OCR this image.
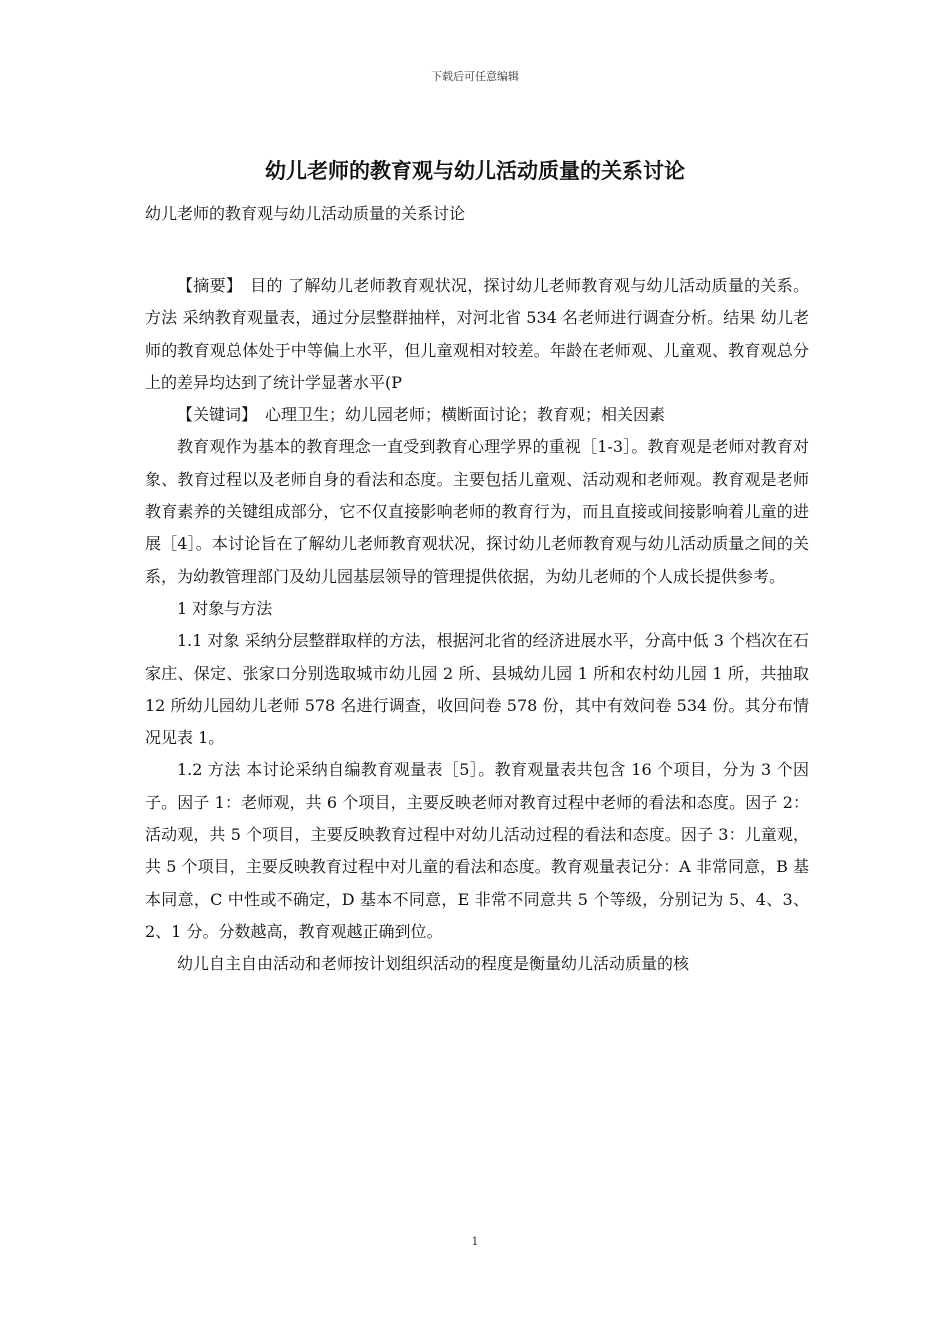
下载后可任意编辑
幼儿老师的教育观与幼儿活动质量的关系讨论
幼儿老师的教育观与幼儿活动质量的关系讨论

【摘要】 目的 了解幼儿老师教育观状况，探讨幼儿老师教育观与幼儿活动质量的关系。方法 采纳教育观量表，通过分层整群抽样，对河北省 534 名老师进行调查分析。结果 幼儿老师的教育观总体处于中等偏上水平，但儿童观相对较差。年龄在老师观、儿童观、教育观总分上的差异均达到了统计学显著水平(P

【关键词】 心理卫生；幼儿园老师；横断面讨论；教育观；相关因素

教育观作为基本的教育理念一直受到教育心理学界的重视［1-3］。教育观是老师对教育对象、教育过程以及老师自身的看法和态度。主要包括儿童观、活动观和老师观。教育观是老师教育素养的关键组成部分，它不仅直接影响老师的教育行为，而且直接或间接影响着儿童的进展［4］。本讨论旨在了解幼儿老师教育观状况，探讨幼儿老师教育观与幼儿活动质量之间的关系，为幼教管理部门及幼儿园基层领导的管理提供依据，为幼儿老师的个人成长提供参考。

1 对象与方法

1.1 对象 采纳分层整群取样的方法，根据河北省的经济进展水平，分高中低 3 个档次在石家庄、保定、张家口分别选取城市幼儿园 2 所、县城幼儿园 1 所和农村幼儿园 1 所，共抽取 12 所幼儿园幼儿老师 578 名进行调查，收回问卷 578 份，其中有效问卷 534 份。其分布情况见表 1。

1.2 方法 本讨论采纳自编教育观量表［5］。教育观量表共包含 16 个项目，分为 3 个因子。因子 1：老师观，共 6 个项目，主要反映老师对教育过程中老师的看法和态度。因子 2：活动观，共 5 个项目，主要反映教育过程中对幼儿活动过程的看法和态度。因子 3：儿童观，共 5 个项目，主要反映教育过程中对儿童的看法和态度。教育观量表记分：A 非常同意，B 基本同意，C 中性或不确定，D 基本不同意，E 非常不同意共 5 个等级，分别记为 5、4、3、2、1 分。分数越高，教育观越正确到位。

幼儿自主自由活动和老师按计划组织活动的程度是衡量幼儿活动质量的核

1
